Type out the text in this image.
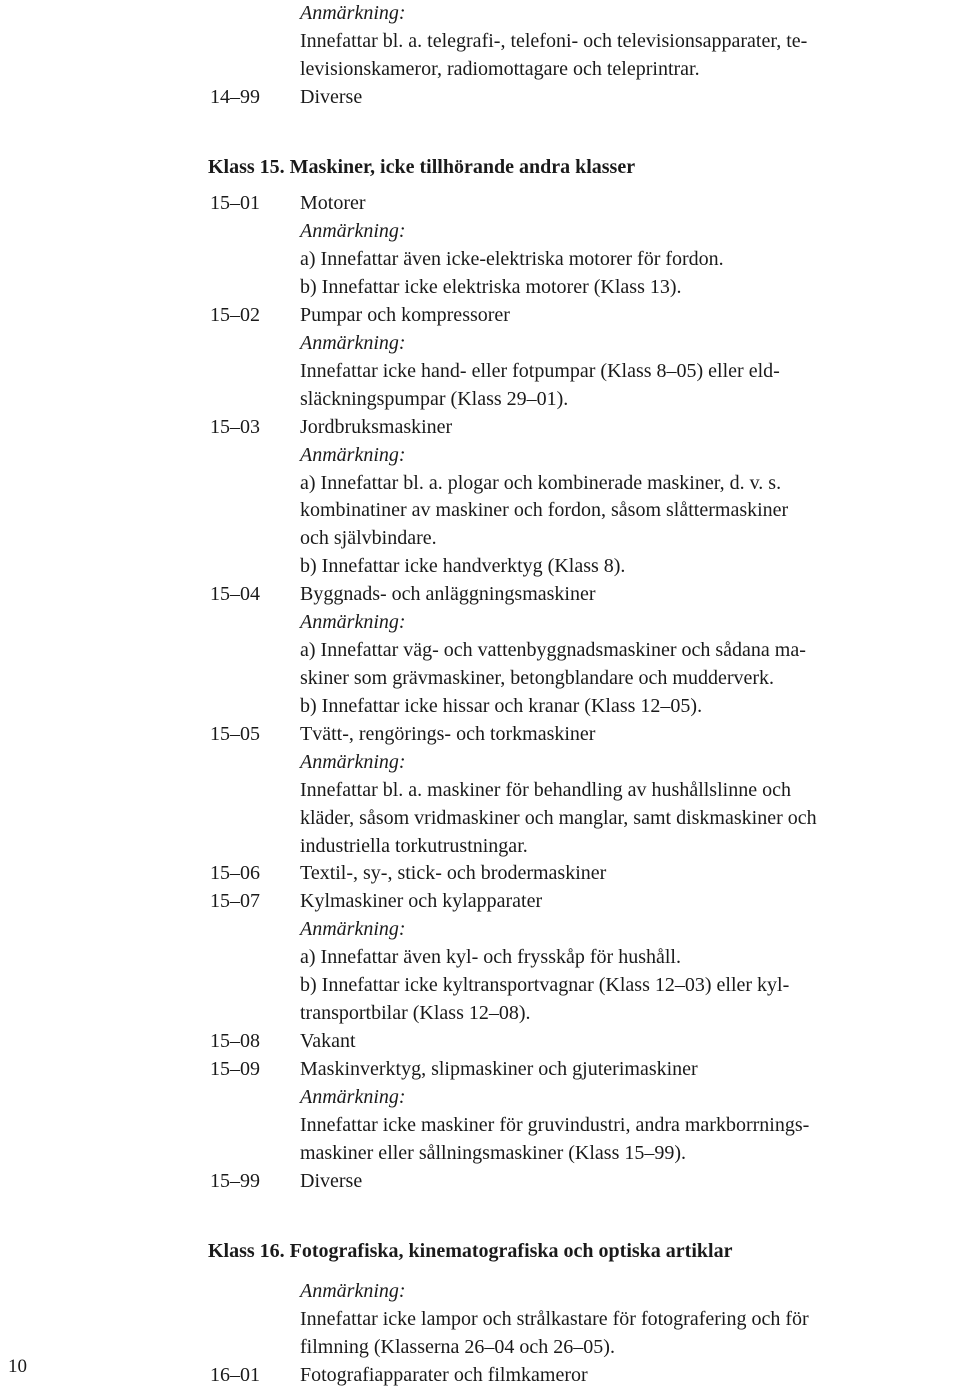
Anmärkning:
Innefattar bl. a. telegrafi-, telefoni- och televisionsapparater, te-
levisionskameror, radiomottagare och teleprintrar.
14–99 Diverse
Klass 15. Maskiner, icke tillhörande andra klasser
15–01 Motorer
Anmärkning:
a) Innefattar även icke-elektriska motorer för fordon.
b) Innefattar icke elektriska motorer (Klass 13).
15–02 Pumpar och kompressorer
Anmärkning:
Innefattar icke hand- eller fotpumpar (Klass 8–05) eller eld-
släckningspumpar (Klass 29–01).
15–03 Jordbruksmaskiner
Anmärkning:
a) Innefattar bl. a. plogar och kombinerade maskiner, d. v. s.
kombinatiner av maskiner och fordon, såsom slåttermaskiner
och självbindare.
b) Innefattar icke handverktyg (Klass 8).
15–04 Byggnads- och anläggningsmaskiner
Anmärkning:
a) Innefattar väg- och vattenbyggnadsmaskiner och sådana ma-
skiner som grävmaskiner, betongblandare och mudderverk.
b) Innefattar icke hissar och kranar (Klass 12–05).
15–05 Tvätt-, rengörings- och torkmaskiner
Anmärkning:
Innefattar bl. a. maskiner för behandling av hushållslinne och
kläder, såsom vridmaskiner och manglar, samt diskmaskiner och
industriella torkutrustningar.
15–06 Textil-, sy-, stick- och brodermaskiner
15–07 Kylmaskiner och kylapparater
Anmärkning:
a) Innefattar även kyl- och frysskåp för hushåll.
b) Innefattar icke kyltransportvagnar (Klass 12–03) eller kyl-
transportbilar (Klass 12–08).
15–08 Vakant
15–09 Maskinverktyg, slipmaskiner och gjuterimaskiner
Anmärkning:
Innefattar icke maskiner för gruvindustri, andra markborrnings-
maskiner eller sållningsmaskiner (Klass 15–99).
15–99 Diverse
Klass 16. Fotografiska, kinematografiska och optiska artiklar
Anmärkning:
Innefattar icke lampor och strålkastare för fotografering och för
filmning (Klasserna 26–04 och 26–05).
16–01 Fotografiapparater och filmkameror
10
